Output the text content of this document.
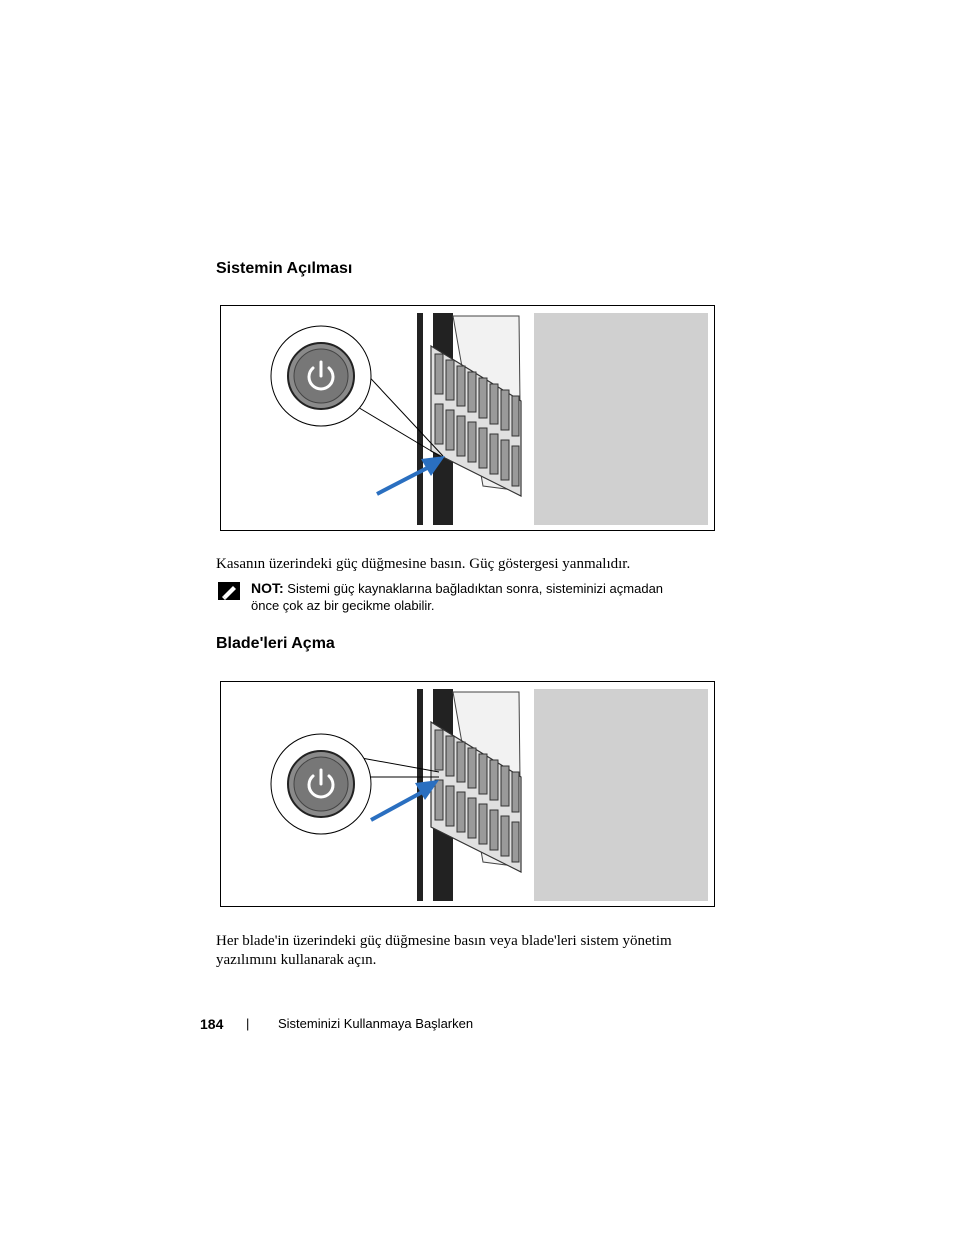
Sistemin Açılması

Kasanın üzerindeki güç düğmesine basın. Güç göstergesi yanmalıdır.

NOT: Sistemi güç kaynaklarına bağladıktan sonra, sisteminizi açmadan
önce çok az bir gecikme olabilir.
Blade'leri Açma

Her blade'in üzerindeki güç düğmesine basın veya blade'leri sistem yönetim
yazılımını kullanarak açın.

184 | Sisteminizi Kullanmaya Başlarken
